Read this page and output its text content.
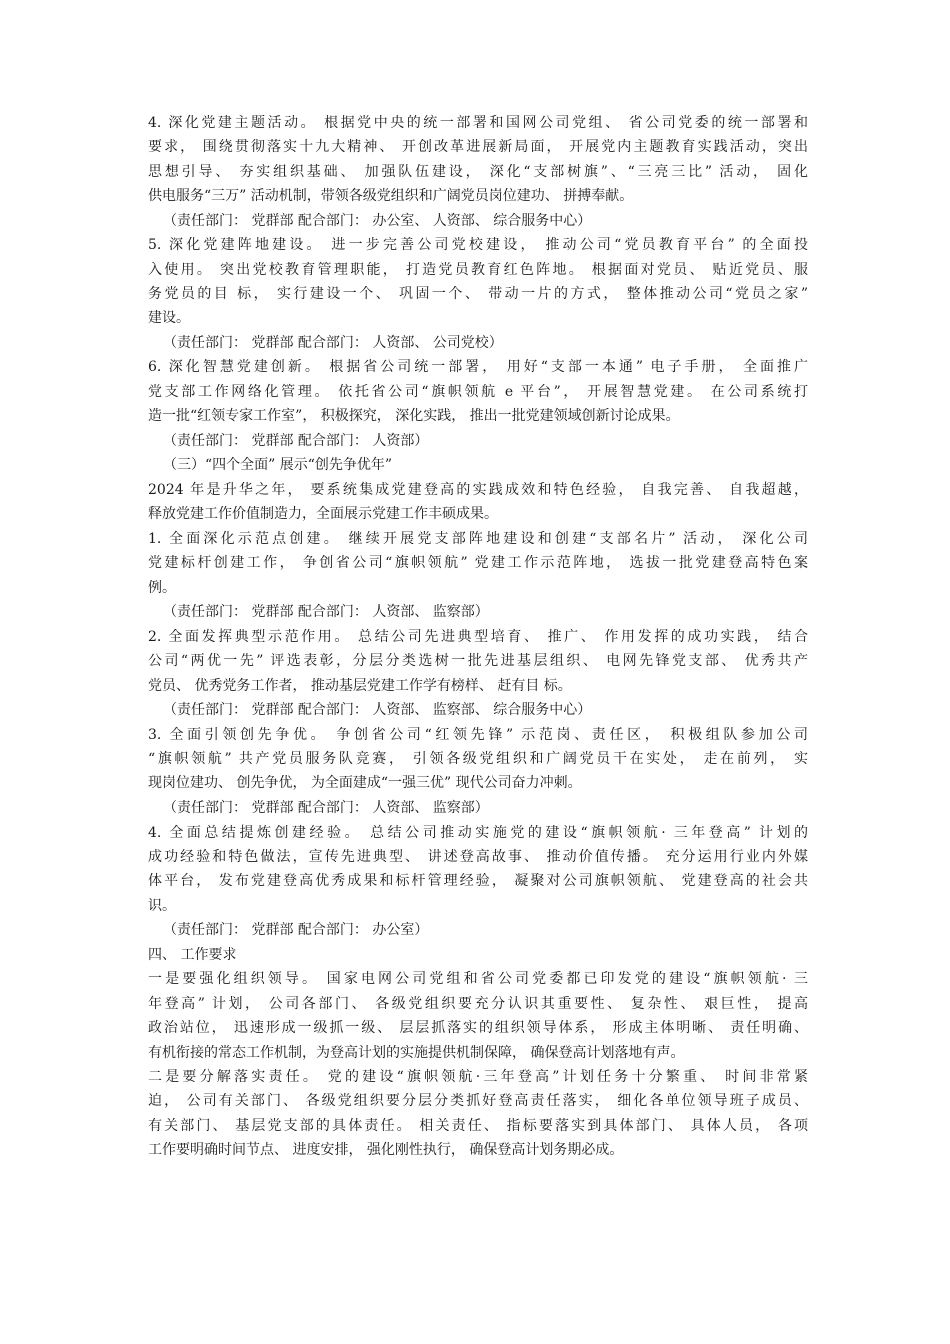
4. 深化党建主题活动。 根据党中央的统一部署和国网公司党组、 省公司党委的统一部署和
要求， 围绕贯彻落实十九大精神、 开创改革进展新局面， 开展党内主题教育实践活动，突出
思想引导、 夯实组织基础、 加强队伍建设， 深化“支部树旗”、“三亮三比” 活动， 固化
供电服务“三万” 活动机制，带领各级党组织和广阔党员岗位建功、 拼搏奉献。
（责任部门： 党群部 配合部门： 办公室、 人资部、 综合服务中心）
5. 深化党建阵地建设。 进一步完善公司党校建设， 推动公司“党员教育平台” 的全面投
入使用。 突出党校教育管理职能， 打造党员教育红色阵地。 根据面对党员、 贴近党员、服
务党员的目 标， 实行建设一个、 巩固一个、 带动一片的方式， 整体推动公司“党员之家”
建设。
（责任部门： 党群部 配合部门： 人资部、 公司党校）
6. 深化智慧党建创新。 根据省公司统一部署， 用好“支部一本通” 电子手册， 全面推广
党支部工作网络化管理。 依托省公司“旗帜领航 e 平台”， 开展智慧党建。 在公司系统打
造一批“红领专家工作室”， 积极探究， 深化实践， 推出一批党建领域创新讨论成果。
（责任部门： 党群部 配合部门： 人资部）
（三）“四个全面” 展示“创先争优年”
2024 年是升华之年， 要系统集成党建登高的实践成效和特色经验， 自我完善、 自我超越，
释放党建工作价值制造力，全面展示党建工作丰硕成果。
1. 全面深化示范点创建。 继续开展党支部阵地建设和创建“支部名片” 活动， 深化公司
党建标杆创建工作， 争创省公司“旗帜领航” 党建工作示范阵地， 选拔一批党建登高特色案
例。
（责任部门： 党群部 配合部门： 人资部、 监察部）
2. 全面发挥典型示范作用。 总结公司先进典型培育、 推广、 作用发挥的成功实践， 结合
公司“两优一先” 评选表彰，分层分类选树一批先进基层组织、 电网先锋党支部、 优秀共产
党员、 优秀党务工作者， 推动基层党建工作学有榜样、 赶有目 标。
（责任部门： 党群部 配合部门： 人资部、 监察部、 综合服务中心）
3. 全面引领创先争优。 争创省公司“红领先锋” 示范岗、责任区， 积极组队参加公司
“旗帜领航” 共产党员服务队竞赛， 引领各级党组织和广阔党员干在实处， 走在前列， 实
现岗位建功、 创先争优， 为全面建成“一强三优” 现代公司奋力冲刺。
（责任部门： 党群部 配合部门： 人资部、 监察部）
4. 全面总结提炼创建经验。 总结公司推动实施党的建设“旗帜领航· 三年登高” 计划的
成功经验和特色做法，宣传先进典型、 讲述登高故事、 推动价值传播。 充分运用行业内外媒
体平台， 发布党建登高优秀成果和标杆管理经验， 凝聚对公司旗帜领航、 党建登高的社会共
识。
（责任部门： 党群部 配合部门： 办公室）
四、 工作要求
一是要强化组织领导。 国家电网公司党组和省公司党委都已印发党的建设“旗帜领航· 三
年登高” 计划， 公司各部门、 各级党组织要充分认识其重要性、 复杂性、 艰巨性， 提高
政治站位， 迅速形成一级抓一级、 层层抓落实的组织领导体系， 形成主体明晰、 责任明确、
有机衔接的常态工作机制，为登高计划的实施提供机制保障， 确保登高计划落地有声。
二是要分解落实责任。 党的建设“旗帜领航·三年登高”计划任务十分繁重、 时间非常紧
迫， 公司有关部门、 各级党组织要分层分类抓好登高责任落实， 细化各单位领导班子成员、
有关部门、 基层党支部的具体责任。 相关责任、 指标要落实到具体部门、 具体人员， 各项
工作要明确时间节点、 进度安排， 强化刚性执行， 确保登高计划务期必成。
